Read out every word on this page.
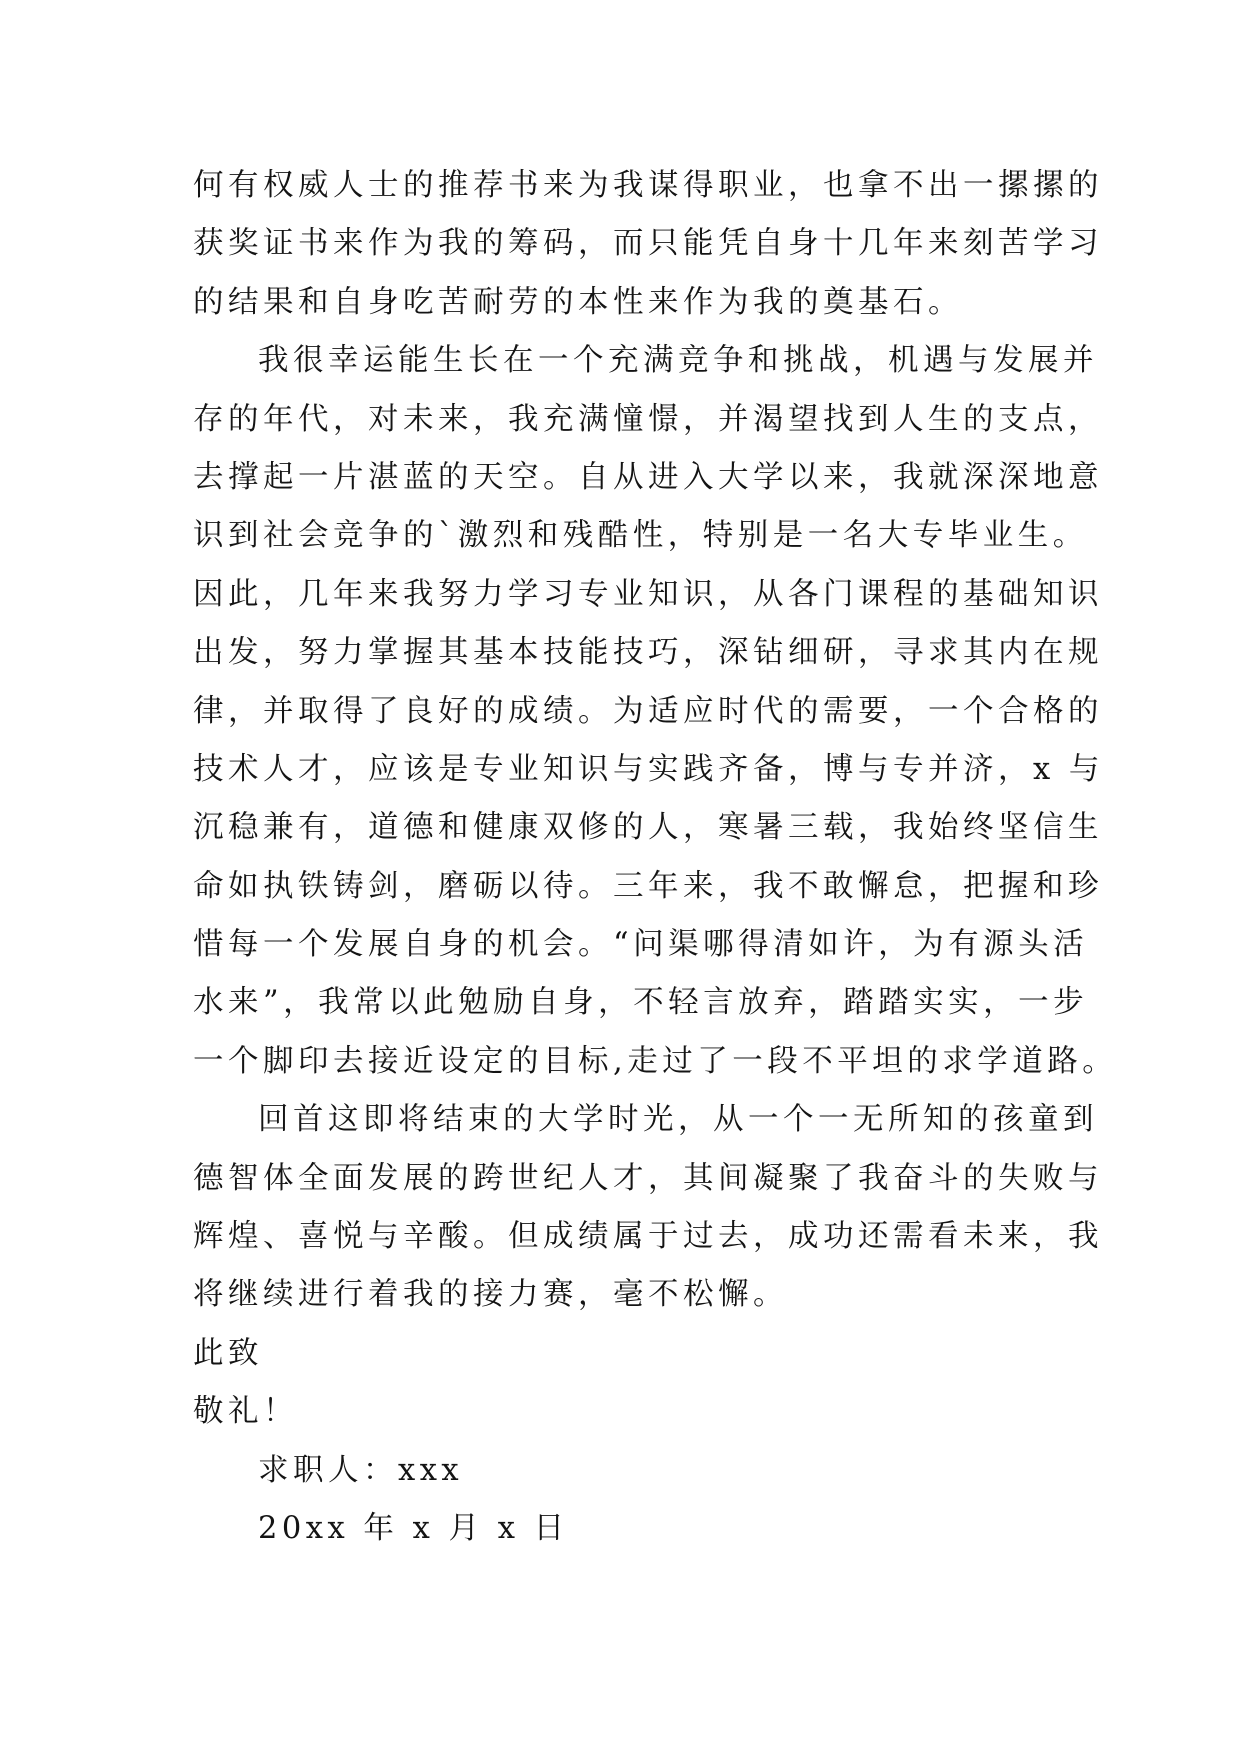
何有权威人士的推荐书来为我谋得职业，也拿不出一摞摞的
获奖证书来作为我的筹码，而只能凭自身十几年来刻苦学习
的结果和自身吃苦耐劳的本性来作为我的奠基石。
我很幸运能生长在一个充满竞争和挑战，机遇与发展并
存的年代，对未来，我充满憧憬，并渴望找到人生的支点，
去撑起一片湛蓝的天空。自从进入大学以来，我就深深地意
识到社会竞争的`激烈和残酷性，特别是一名大专毕业生。
因此，几年来我努力学习专业知识，从各门课程的基础知识
出发，努力掌握其基本技能技巧，深钻细研，寻求其内在规
律，并取得了良好的成绩。为适应时代的需要，一个合格的
技术人才，应该是专业知识与实践齐备，博与专并济，x 与
沉稳兼有，道德和健康双修的人，寒暑三载，我始终坚信生
命如执铁铸剑，磨砺以待。三年来，我不敢懈怠，把握和珍
惜每一个发展自身的机会。“问渠哪得清如许，为有源头活
水来”，我常以此勉励自身，不轻言放弃，踏踏实实，一步
一个脚印去接近设定的目标,走过了一段不平坦的求学道路。
回首这即将结束的大学时光，从一个一无所知的孩童到
德智体全面发展的跨世纪人才，其间凝聚了我奋斗的失败与
辉煌、喜悦与辛酸。但成绩属于过去，成功还需看未来，我
将继续进行着我的接力赛，毫不松懈。
此致
敬礼！
求职人：xxx
20xx 年 x 月 x 日
